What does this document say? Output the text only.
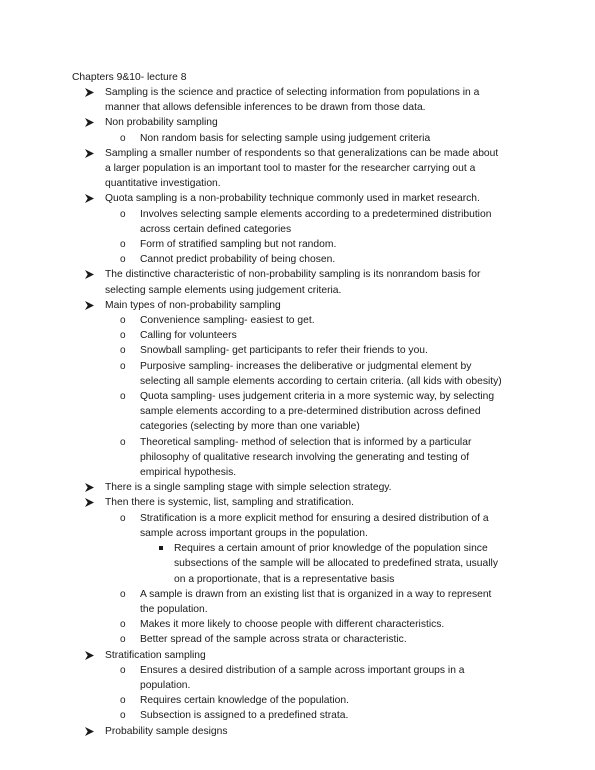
Chapters 9&10- lecture 8
Sampling is the science and practice of selecting information from populations in a manner that allows defensible inferences to be drawn from those data.
Non probability sampling
o Non random basis for selecting sample using judgement criteria
Sampling a smaller number of respondents so that generalizations can be made about a larger population is an important tool to master for the researcher carrying out a quantitative investigation.
Quota sampling is a non-probability technique commonly used in market research.
o Involves selecting sample elements according to a predetermined distribution across certain defined categories
o Form of stratified sampling but not random.
o Cannot predict probability of being chosen.
The distinctive characteristic of non-probability sampling is its nonrandom basis for selecting sample elements using judgement criteria.
Main types of non-probability sampling
o Convenience sampling- easiest to get.
o Calling for volunteers
o Snowball sampling- get participants to refer their friends to you.
o Purposive sampling- increases the deliberative or judgmental element by selecting all sample elements according to certain criteria. (all kids with obesity)
o Quota sampling- uses judgement criteria in a more systemic way, by selecting sample elements according to a pre-determined distribution across defined categories (selecting by more than one variable)
o Theoretical sampling- method of selection that is informed by a particular philosophy of qualitative research involving the generating and testing of empirical hypothesis.
There is a single sampling stage with simple selection strategy.
Then there is systemic, list, sampling and stratification.
o Stratification is a more explicit method for ensuring a desired distribution of a sample across important groups in the population.
Requires a certain amount of prior knowledge of the population since subsections of the sample will be allocated to predefined strata, usually on a proportionate, that is a representative basis
o A sample is drawn from an existing list that is organized in a way to represent the population.
o Makes it more likely to choose people with different characteristics.
o Better spread of the sample across strata or characteristic.
Stratification sampling
o Ensures a desired distribution of a sample across important groups in a population.
o Requires certain knowledge of the population.
o Subsection is assigned to a predefined strata.
Probability sample designs
